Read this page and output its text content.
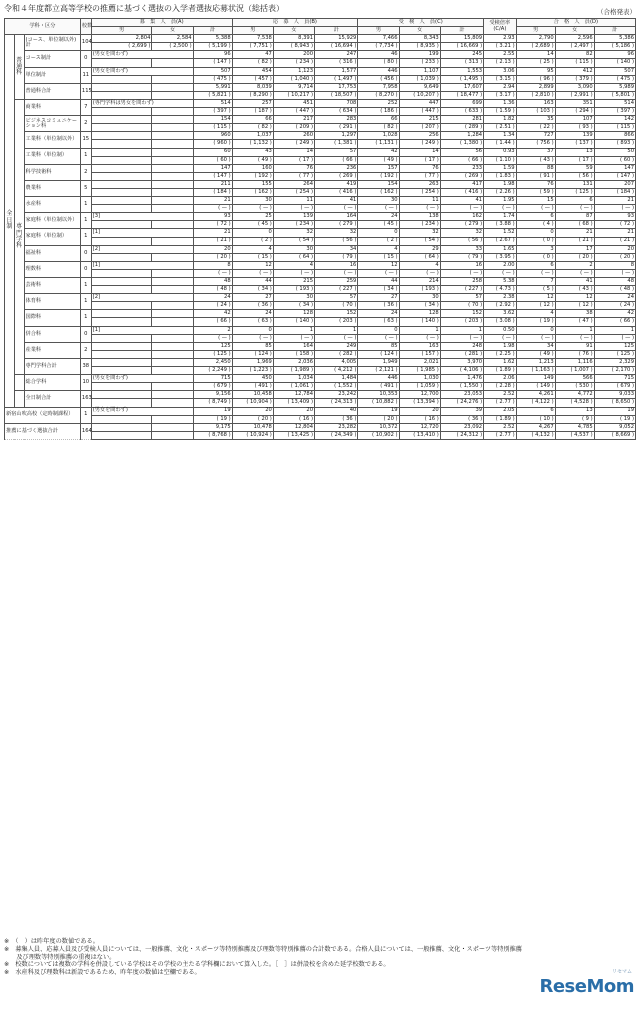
令和４年度都立高等学校の推薦に基づく選抜の入学者選抜応募状況（総括表）	（合格発表）
学科・区分			校数	募　集　人　員(A)			応　募　人　員(B)			受　検　人　員(C)			受検倍率 (C/A)	合　格　人　員(D)		
				男	女	計	男	女	計	男	女	計		男	女	計
全日制	普通科	(コース、単位制以外) 計	104	2,804	2,584	5,388	7,538	8,391	15,929	7,466	8,343	15,809	2.93	2,790	2,596	5,386
				( 2,699 )	( 2,500 )	( 5,199 )	( 7,751 )	( 8,943 )	( 16,694 )	( 7,734 )	( 8,935 )	( 16,669 )	( 3.21 )	( 2,689 )	( 2,497 )	( 5,186 )
		コース制計	0	(男女を問わず)		96	47	200	247	46	199	245	2.55	14	82	96
						( 147 )	( 82 )	( 234 )	( 316 )	( 80 )	( 233 )	( 313 )	( 2.13 )	( 25 )	( 115 )	( 140 )
		単位制計	11	(男女を問わず)		507	454	1,123	1,577	446	1,107	1,553	3.06	95	412	507
						( 475 )	( 457 )	( 1,040 )	( 1,497 )	( 456 )	( 1,039 )	( 1,495 )	( 3.15 )	( 96 )	( 379 )	( 475 )
		普通科合計	115			5,991	8,039	9,714	17,753	7,958	9,649	17,607	2.94	2,899	3,090	5,989
						( 5,821 )	( 8,290 )	( 10,217 )	( 18,507 )	( 8,270 )	( 10,207 )	( 18,477 )	( 3.17 )	( 2,810 )	( 2,991 )	( 5,801 )
	専門学科	商業科	7	(専門学科は男女を問わず)		514	257	451	708	252	447	699	1.36	163	351	514
						( 397 )	( 187 )	( 447 )	( 634 )	( 186 )	( 447 )	( 633 )	( 1.59 )	( 103 )	( 294 )	( 397 )
		ビジネスコミュニケーション科	2			154	66	217	283	66	215	281	1.82	35	107	142
						( 115 )	( 82 )	( 209 )	( 291 )	( 82 )	( 207 )	( 289 )	( 2.51 )	( 22 )	( 93 )	( 115 )
		工業科（単位制以外）	15			960	1,037	260	1,297	1,028	256	1,284	1.34	727	139	866
						( 960 )	( 1,132 )	( 249 )	( 1,381 )	( 1,131 )	( 249 )	( 1,380 )	( 1.44 )	( 756 )	( 137 )	( 893 )
		工業科（単位制）	1			60	43	14	57	42	14	56	0.93	37	13	50
						( 60 )	( 49 )	( 17 )	( 66 )	( 49 )	( 17 )	( 66 )	( 1.10 )	( 43 )	( 17 )	( 60 )
		科学技術科	2			147	160	76	236	157	76	233	1.59	88	59	147
						( 147 )	( 192 )	( 77 )	( 269 )	( 192 )	( 77 )	( 269 )	( 1.83 )	( 91 )	( 56 )	( 147 )
		農業科	5			211	155	264	419	154	263	417	1.98	76	131	207
						( 184 )	( 162 )	( 254 )	( 416 )	( 162 )	( 254 )	( 416 )	( 2.26 )	( 59 )	( 125 )	( 184 )
		水産科	1			21	30	11	41	30	11	41	1.95	15	6	21
						( — )	( — )	( — )	( — )	( — )	( — )	( — )	( — )	( — )	( — )	( — )
		家庭科（単位制以外）	1	[3]		93	25	139	164	24	138	162	1.74	6	87	93
						( 72 )	( 45 )	( 234 )	( 279 )	( 45 )	( 234 )	( 279 )	( 3.88 )	( 4 )	( 68 )	( 72 )
		家庭科（単位制）	1	[1]		21	0	32	32	0	32	32	1.52	0	21	21
						( 21 )	( 2 )	( 54 )	( 56 )	( 2 )	( 54 )	( 56 )	( 2.67 )	( 0 )	( 21 )	( 21 )
		福祉科	0	[2]		20	4	30	34	4	29	33	1.65	3	17	20
						( 20 )	( 15 )	( 64 )	( 79 )	( 15 )	( 64 )	( 79 )	( 3.95 )	( 0 )	( 20 )	( 20 )
		理数科	0	[1]		8	12	4	16	12	4	16	2.00	6	2	8
						( — )	( — )	( — )	( — )	( — )	( — )	( — )	( — )	( — )	( — )	( — )
		芸術科	1			48	44	215	259	44	214	258	5.38	7	41	48
						( 48 )	( 34 )	( 193 )	( 227 )	( 34 )	( 193 )	( 227 )	( 4.73 )	( 5 )	( 43 )	( 48 )
		体育科	1	[2]		24	27	30	57	27	30	57	2.38	12	12	24
						( 24 )	( 36 )	( 34 )	( 70 )	( 36 )	( 34 )	( 70 )	( 2.92 )	( 12 )	( 12 )	( 24 )
		国際科	1			42	24	128	152	24	128	152	3.62	4	38	42
						( 66 )	( 63 )	( 140 )	( 203 )	( 63 )	( 140 )	( 203 )	( 3.08 )	( 19 )	( 47 )	( 66 )
		併合科	0	[1]		2	0	1	1	0	1	1	0.50	0	1	1
						( — )	( — )	( — )	( — )	( — )	( — )	( — )	( — )	( — )	( — )	( — )
		産業科	2			125	85	164	249	85	163	248	1.98	34	91	125
						( 125 )	( 124 )	( 158 )	( 282 )	( 124 )	( 157 )	( 281 )	( 2.25 )	( 49 )	( 76 )	( 125 )
		専門学科合計	38			2,450	1,969	2,036	4,005	1,949	2,021	3,970	1.62	1,213	1,116	2,329
						( 2,249 )	( 1,223 )	( 1,989 )	( 4,212 )	( 2,121 )	( 1,985 )	( 4,106 )	( 1.89 )	( 1,163 )	( 1,007 )	( 2,170 )
		総合学科	10	(男女を問わず)		715	450	1,034	1,484	446	1,030	1,476	2.06	149	566	715
						( 679 )	( 491 )	( 1,061 )	( 1,552 )	( 491 )	( 1,059 )	( 1,550 )	( 2.28 )	( 149 )	( 530 )	( 679 )
		全日制合計	163			9,156	10,458	12,784	23,242	10,353	12,700	23,053	2.52	4,261	4,772	9,033
						( 8,749 )	( 10,904 )	( 13,409 )	( 24,313 )	( 10,882 )	( 13,394 )	( 24,276 )	( 2.77 )	( 4,122 )	( 4,528 )	( 8,650 )
新宿山吹高校（定時制課程）			1	(男女を問わず)		19	20	20	40	19	20	39	2.05	6	13	19
						( 19 )	( 20 )	( 16 )	( 36 )	( 20 )	( 16 )	( 36 )	( 1.89 )	( 10 )	( 9 )	( 19 )
推薦に基づく選抜合計			164			9,175	10,478	12,804	23,282	10,372	12,720	23,092	2.52	4,267	4,785	9,052
						( 8,768 )	( 10,924 )	( 13,425 )	( 24,349 )	( 10,902 )	( 13,410 )	( 24,312 )	( 2.77 )	( 4,132 )	( 4,537 )	( 8,669 )
※　（　）は昨年度の数値である。
※　募集人員、応募人員及び受検人員については、一般推薦、文化・スポーツ等特別推薦及び理数等特別推薦の合計数である。合格人員については、一般推薦、文化・スポーツ等特別推薦
　　及び理数等特別推薦の重複はない。
※　校数については複数の学科を併設している学校はその学校の主たる学科欄において算入した。［　］は併設校を含めた延学校数である。
※　水産科及び理数科は新設であるため、昨年度の数値は空欄である。	リセマム
ReseMom
